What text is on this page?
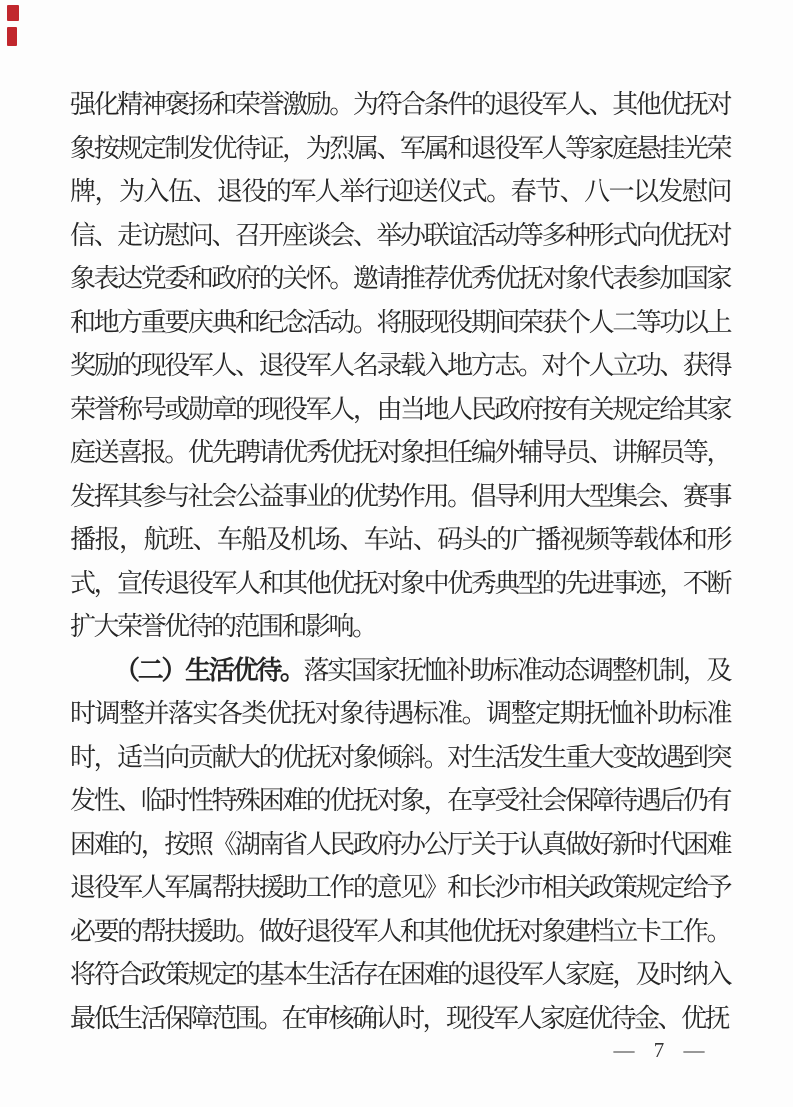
强化精神褒扬和荣誉激励。为符合条件的退役军人、其他优抚对
象按规定制发优待证，为烈属、军属和退役军人等家庭悬挂光荣
牌，为入伍、退役的军人举行迎送仪式。春节、八一以发慰问
信、走访慰问、召开座谈会、举办联谊活动等多种形式向优抚对
象表达党委和政府的关怀。邀请推荐优秀优抚对象代表参加国家
和地方重要庆典和纪念活动。将服现役期间荣获个人二等功以上
奖励的现役军人、退役军人名录载入地方志。对个人立功、获得
荣誉称号或勋章的现役军人，由当地人民政府按有关规定给其家
庭送喜报。优先聘请优秀优抚对象担任编外辅导员、讲解员等，
发挥其参与社会公益事业的优势作用。倡导利用大型集会、赛事
播报，航班、车船及机场、车站、码头的广播视频等载体和形
式，宣传退役军人和其他优抚对象中优秀典型的先进事迹，不断
扩大荣誉优待的范围和影响。
（二）生活优待。落实国家抚恤补助标准动态调整机制，及
时调整并落实各类优抚对象待遇标准。调整定期抚恤补助标准
时，适当向贡献大的优抚对象倾斜。对生活发生重大变故遇到突
发性、临时性特殊困难的优抚对象，在享受社会保障待遇后仍有
困难的，按照《湖南省人民政府办公厅关于认真做好新时代困难
退役军人军属帮扶援助工作的意见》和长沙市相关政策规定给予
必要的帮扶援助。做好退役军人和其他优抚对象建档立卡工作。
将符合政策规定的基本生活存在困难的退役军人家庭，及时纳入
最低生活保障范围。在审核确认时，现役军人家庭优待金、优抚
— 7 —
